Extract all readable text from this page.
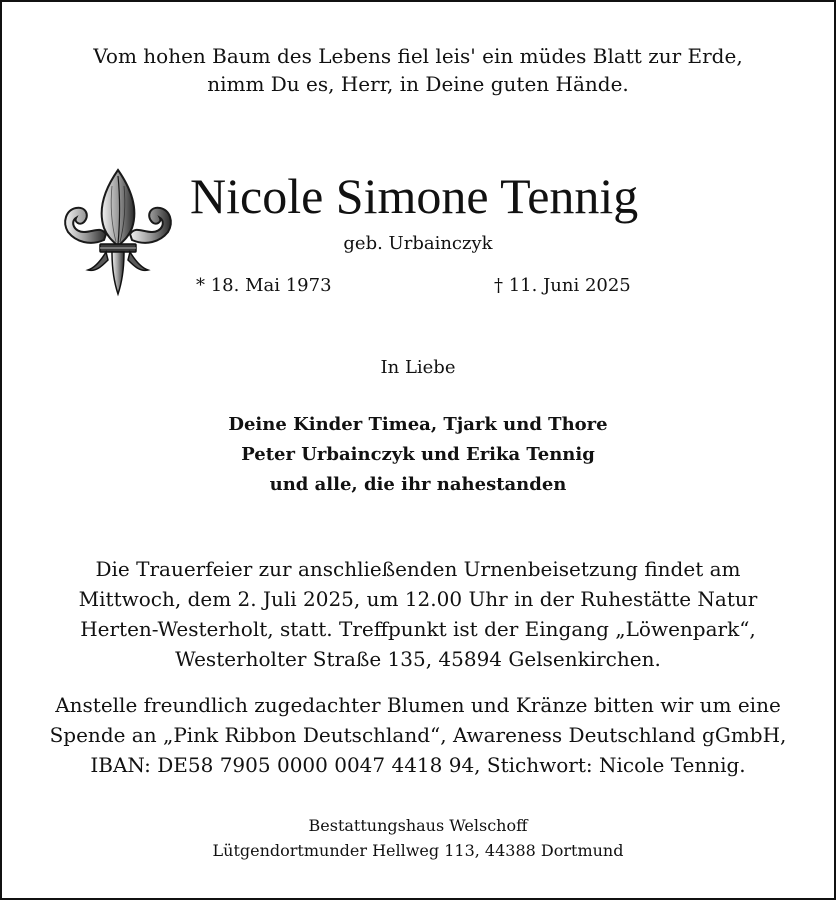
Vom hohen Baum des Lebens fiel leis' ein müdes Blatt zur Erde,
nimm Du es, Herr, in Deine guten Hände.
Nicole Simone Tennig
geb. Urbainczyk
* 18. Mai 1973	† 11. Juni 2025
In Liebe
Deine Kinder Timea, Tjark und Thore
Peter Urbainczyk und Erika Tennig
und alle, die ihr nahestanden
Die Trauerfeier zur anschließenden Urnenbeisetzung findet am
Mittwoch, dem 2. Juli 2025, um 12.00 Uhr in der Ruhestätte Natur
Herten-Westerholt, statt. Treffpunkt ist der Eingang „Löwenpark“,
Westerholter Straße 135, 45894 Gelsenkirchen.
Anstelle freundlich zugedachter Blumen und Kränze bitten wir um eine
Spende an „Pink Ribbon Deutschland“, Awareness Deutschland gGmbH,
IBAN: DE58 7905 0000 0047 4418 94, Stichwort: Nicole Tennig.
Bestattungshaus Welschoff
Lütgendortmunder Hellweg 113, 44388 Dortmund
